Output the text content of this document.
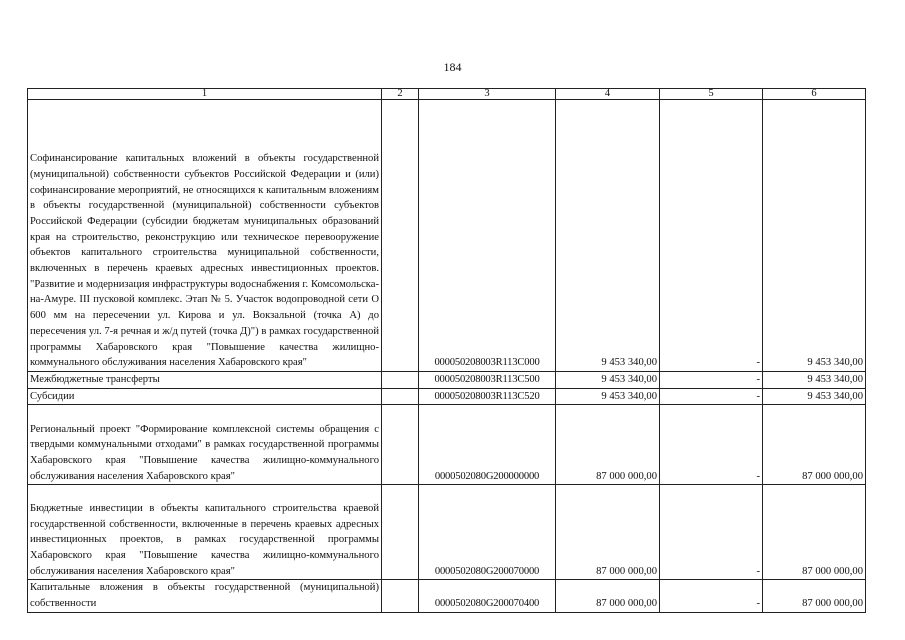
184
1	2	3	4	5	6
Софинансирование капитальных вложений в объекты государственной (муниципальной) собственности субъектов Российской Федерации и (или) софинансирование мероприятий, не относящихся к капитальным вложениям в объекты государственной (муниципальной) собственности субъектов Российской Федерации (субсидии бюджетам муниципальных образований края на строительство, реконструкцию или техническое перевооружение объектов капитального строительства муниципальной собственности, включенных в перечень краевых адресных инвестиционных проектов. "Развитие и модернизация инфраструктуры водоснабжения г. Комсомольска-на-Амуре. III пусковой комплекс. Этап № 5. Участок водопроводной сети О 600 мм на пересечении ул. Кирова и ул. Вокзальной (точка А) до пересечения ул. 7-я речная и ж/д путей (точка Д)") в рамках государственной программы Хабаровского края "Повышение качества жилищно-коммунального обслуживания населения Хабаровского края"		000050208003R113С000	9 453 340,00	-	9 453 340,00
Межбюджетные трансферты		000050208003R113С500	9 453 340,00	-	9 453 340,00
Субсидии		000050208003R113С520	9 453 340,00	-	9 453 340,00
Региональный проект "Формирование комплексной системы обращения с твердыми коммунальными отходами" в рамках государственной программы Хабаровского края "Повышение качества жилищно-коммунального обслуживания населения Хабаровского края"		0000502080G200000000	87 000 000,00	-	87 000 000,00
Бюджетные инвестиции в объекты капитального строительства краевой государственной собственности, включенные в перечень краевых адресных инвестиционных проектов, в рамках государственной программы Хабаровского края "Повышение качества жилищно-коммунального обслуживания населения Хабаровского края"		0000502080G200070000	87 000 000,00	-	87 000 000,00
Капитальные вложения в объекты государственной (муниципальной) собственности		0000502080G200070400	87 000 000,00	-	87 000 000,00
